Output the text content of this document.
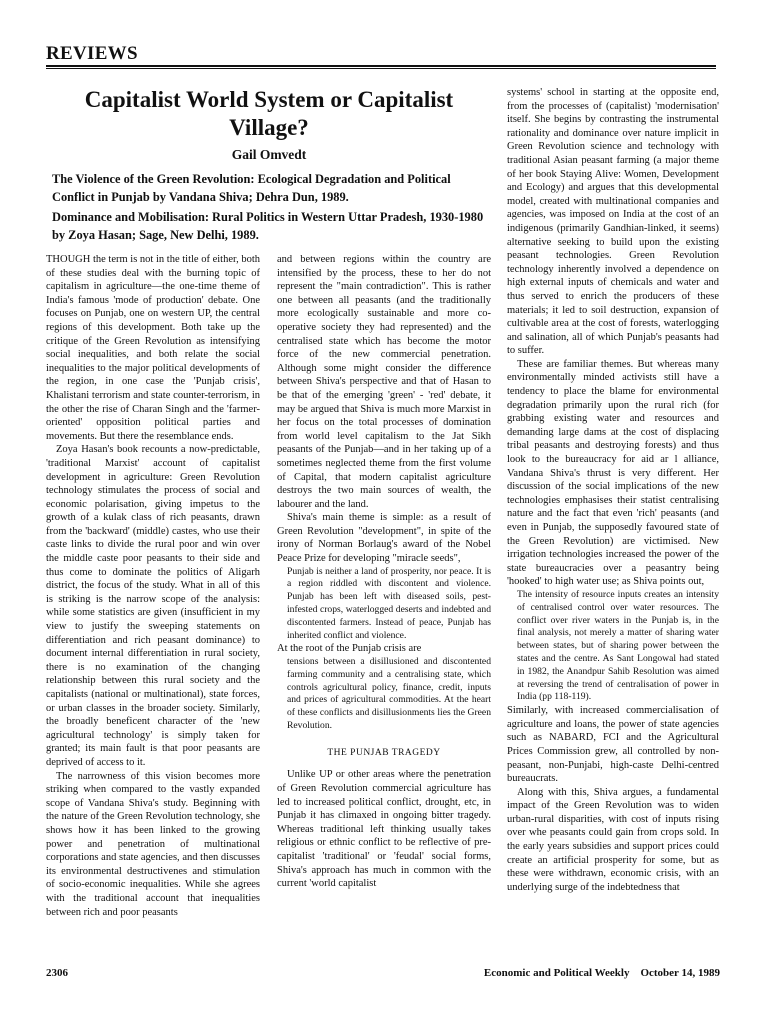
REVIEWS
Capitalist World System or Capitalist Village?
Gail Omvedt
The Violence of the Green Revolution: Ecological Degradation and Political Conflict in Punjab by Vandana Shiva; Dehra Dun, 1989.
Dominance and Mobilisation: Rural Politics in Western Uttar Pradesh, 1930-1980 by Zoya Hasan; Sage, New Delhi, 1989.

THOUGH the term is not in the title of either, both of these studies deal with the burning topic of capitalism in agriculture—the one-time theme of India's famous 'mode of production' debate. One focuses on Punjab, one on western UP, the central regions of this development. Both take up the critique of the Green Revolution as intensifying social inequalities, and both relate the social inequalities to the major political developments of the region, in one case the 'Punjab crisis', Khalistani terrorism and state counter-terrorism, in the other the rise of Charan Singh and the 'farmer-oriented' opposition political parties and movements. But there the resemblance ends.

Zoya Hasan's book recounts a now-predictable, 'traditional Marxist' account of capitalist development in agriculture: Green Revolution technology stimulates the process of social and economic polarisation, giving impetus to the growth of a kulak class of rich peasants, drawn from the 'backward' (middle) castes, who use their caste links to divide the rural poor and win over the middle caste poor peasants to their side and thus come to dominate the politics of Aligarh district, the focus of the study. What in all of this is striking is the narrow scope of the analysis: while some statistics are given (insufficient in my view to justify the sweeping statements on differentiation and rich peasant dominance) to document internal differentiation in rural society, there is no examination of the changing relationship between this rural society and the capitalists (national or multinational), state forces, or urban classes in the broader society. Similarly, the broadly beneficent character of the 'new agricultural technology' is simply taken for granted; its main fault is that poor peasants are deprived of access to it.

The narrowness of this vision becomes more striking when compared to the vastly expanded scope of Vandana Shiva's study. Beginning with the nature of the Green Revolution technology, she shows how it has been linked to the growing power and penetration of multinational corporations and state agencies, and then discusses its environmental destructivenes and stimulation of socio-economic inequalities. While she agrees with the traditional account that inequalities between rich and poor peasants

and between regions within the country are intensified by the process, these to her do not represent the "main contradiction". This is rather one between all peasants (and the traditionally more ecologically sustainable and more co-operative society they had represented) and the centralised state which has become the motor force of the new commercial penetration. Although some might consider the difference between Shiva's perspective and that of Hasan to be that of the emerging 'green' - 'red' debate, it may be argued that Shiva is much more Marxist in her focus on the total processes of domination from world level capitalism to the Jat Sikh peasants of the Punjab—and in her taking up of a sometimes neglected theme from the first volume of Capital, that modern capitalist agriculture destroys the two main sources of wealth, the labourer and the land.

Shiva's main theme is simple: as a result of Green Revolution "development", in spite of the irony of Norman Borlaug's award of the Nobel Peace Prize for developing "miracle seeds",

Punjab is neither a land of prosperity, nor peace. It is a region riddled with discontent and violence. Punjab has been left with diseased soils, pest-infested crops, waterlogged deserts and indebted and discontented farmers. Instead of peace, Punjab has inherited conflict and violence.

At the root of the Punjab crisis are

tensions between a disillusioned and discontented farming community and a centralising state, which controls agricultural policy, finance, credit, inputs and prices of agricultural commodities. At the heart of these conflicts and disillusionments lies the Green Revolution.

THE PUNJAB TRAGEDY

Unlike UP or other areas where the penetration of Green Revolution commercial agriculture has led to increased political conflict, drought, etc, in Punjab it has climaxed in ongoing bitter tragedy. Whereas traditional left thinking usually takes religious or ethnic conflict to be reflective of pre-capitalist 'traditional' or 'feudal' social forms, Shiva's approach has much in common with the current 'world capitalist

systems' school in starting at the opposite end, from the processes of (capitalist) 'modernisation' itself. She begins by contrasting the instrumental rationality and dominance over nature implicit in Green Revolution science and technology with traditional Asian peasant farming (a major theme of her book Staying Alive: Women, Development and Ecology) and argues that this developmental model, created with multinational companies and agencies, was imposed on India at the cost of an indigenous (primarily Gandhian-linked, it seems) alternative seeking to build upon the existing peasant technologies. Green Revolution technology inherently involved a dependence on high external inputs of chemicals and water and thus served to enrich the producers of these materials; it led to soil destruction, expansion of cultivable area at the cost of forests, waterlogging and salination, all of which Punjab's peasants had to suffer.

These are familiar themes. But whereas many environmentally minded activists still have a tendency to place the blame for environmental degradation primarily upon the rural rich (for grabbing existing water and resources and demanding large dams at the cost of displacing tribal peasants and destroying forests) and thus look to the bureaucracy for aid ar l alliance, Vandana Shiva's thrust is very different. Her discussion of the social implications of the new technologies emphasises their statist centralising nature and the fact that even 'rich' peasants (and even in Punjab, the supposedly favoured state of the Green Revolution) are victimised. New irrigation technologies increased the power of the state bureaucracies over a peasantry being 'hooked' to high water use; as Shiva points out,

The intensity of resource inputs creates an intensity of centralised control over water resources. The conflict over river waters in the Punjab is, in the final analysis, not merely a matter of sharing water between states, but of sharing power between the states and the centre. As Sant Longowal had stated in 1982, the Anandpur Sahib Resolution was aimed at reversing the trend of centralisation of power in India (pp 118-119).

Similarly, with increased commercialisation of agriculture and loans, the power of state agencies such as NABARD, FCI and the Agricultural Prices Commission grew, all controlled by non-peasant, non-Punjabi, high-caste Delhi-centred bureaucrats.

Along with this, Shiva argues, a fundamental impact of the Green Revolution was to widen urban-rural disparities, with cost of inputs rising over whe peasants could gain from crops sold. In the early years subsidies and support prices could create an artificial prosperity for some, but as these were withdrawn, economic crisis, with an underlying surge of the indebtedness that

2306	Economic and Political Weekly    October 14, 1989
